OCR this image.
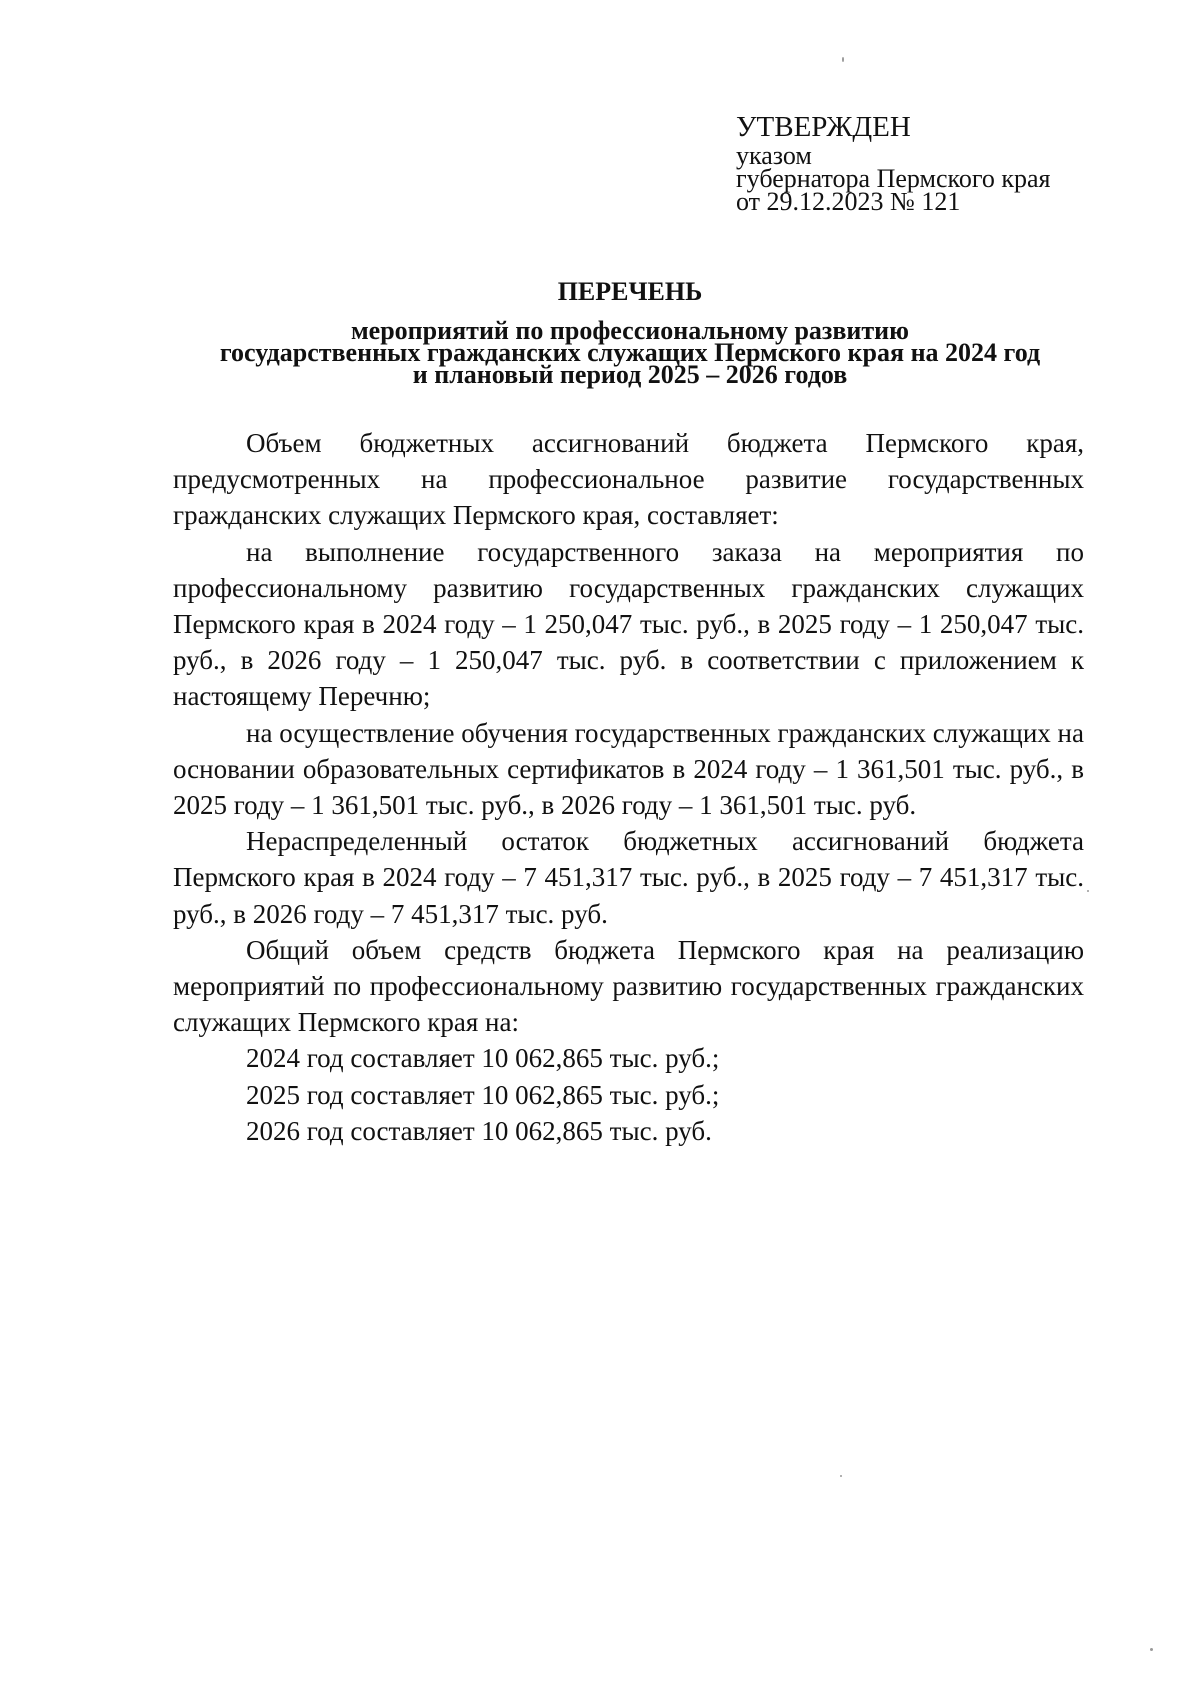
УТВЕРЖДЕН
указом
губернатора Пермского края
от 29.12.2023 № 121
ПЕРЕЧЕНЬ
мероприятий по профессиональному развитию
государственных гражданских служащих Пермского края на 2024 год
и плановый период 2025 – 2026 годов

Объем бюджетных ассигнований бюджета Пермского края, предусмотренных на профессиональное развитие государственных гражданских служащих Пермского края, составляет:

на выполнение государственного заказа на мероприятия по профессиональному развитию государственных гражданских служащих Пермского края в 2024 году – 1 250,047 тыс. руб., в 2025 году – 1 250,047 тыс. руб., в 2026 году – 1 250,047 тыс. руб. в соответствии с приложением к настоящему Перечню;

на осуществление обучения государственных гражданских служащих на основании образовательных сертификатов в 2024 году – 1 361,501 тыс. руб., в 2025 году – 1 361,501 тыс. руб., в 2026 году – 1 361,501 тыс. руб.

Нераспределенный остаток бюджетных ассигнований бюджета Пермского края в 2024 году – 7 451,317 тыс. руб., в 2025 году – 7 451,317 тыс. руб., в 2026 году – 7 451,317 тыс. руб.

Общий объем средств бюджета Пермского края на реализацию мероприятий по профессиональному развитию государственных гражданских служащих Пермского края на:

2024 год составляет 10 062,865 тыс. руб.;

2025 год составляет 10 062,865 тыс. руб.;

2026 год составляет 10 062,865 тыс. руб.
